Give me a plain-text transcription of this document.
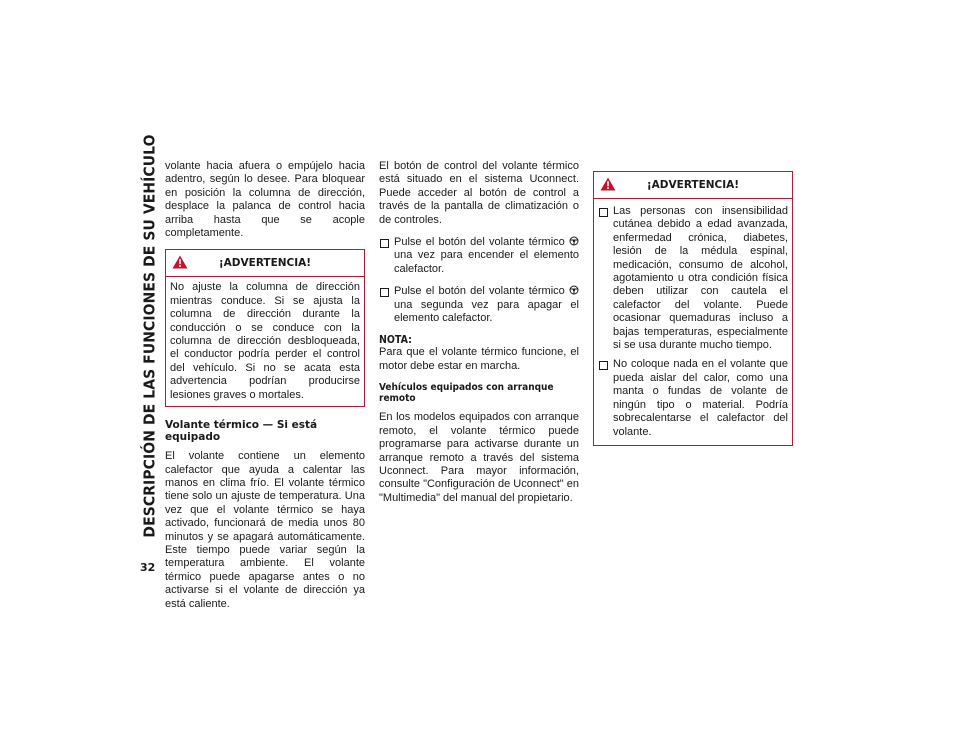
DESCRIPCIÓN DE LAS FUNCIONES DE SU VEHÍCULO volante hacia afuera o empújelo hacia adentro, según lo desee. Para bloquear en posición la columna de dirección, desplace la palanca de control hacia arriba hasta que se acople completamente.

¡ADVERTENCIA!

No ajuste la columna de dirección mientras conduce. Si se ajusta la columna de dirección durante la conducción o se conduce con la columna de dirección desbloqueada, el conductor podría perder el control del vehículo. Si no se acata esta advertencia podrían producirse lesiones graves o mortales.

Volante térmico — Si está equipado

El volante contiene un elemento calefactor que ayuda a calentar las manos en clima frío. El volante térmico tiene solo un ajuste de temperatura. Una vez que el volante térmico se haya activado, funcionará de media unos 80 minutos y se apagará automáticamente. Este tiempo puede variar según la temperatura ambiente. El volante térmico puede apagarse antes o no activarse si el volante de dirección ya está caliente.

El botón de control del volante térmico está situado en el sistema Uconnect. Puede acceder al botón de control a través de la pantalla de climatización o de controles.

Pulse el botón del volante térmico  una vez para encender el elemento calefactor.

Pulse el botón del volante térmico  una segunda vez para apagar el elemento calefactor.

NOTA:

Para que el volante térmico funcione, el motor debe estar en marcha.

Vehículos equipados con arranque remoto

En los modelos equipados con arranque remoto, el volante térmico puede programarse para activarse durante un arranque remoto a través del sistema Uconnect. Para mayor información, consulte "Configuración de Uconnect" en "Multimedia" del manual del propietario.

¡ADVERTENCIA!

Las personas con insensibilidad cutánea debido a edad avanzada, enfermedad crónica, diabetes, lesión de la médula espinal, medicación, consumo de alcohol, agotamiento u otra condición física deben utilizar con cautela el calefactor del volante. Puede ocasionar quemaduras incluso a bajas temperaturas, especialmente si se usa durante mucho tiempo.

No coloque nada en el volante que pueda aislar del calor, como una manta o fundas de volante de ningún tipo o material. Podría sobrecalentarse el calefactor del volante.

32
